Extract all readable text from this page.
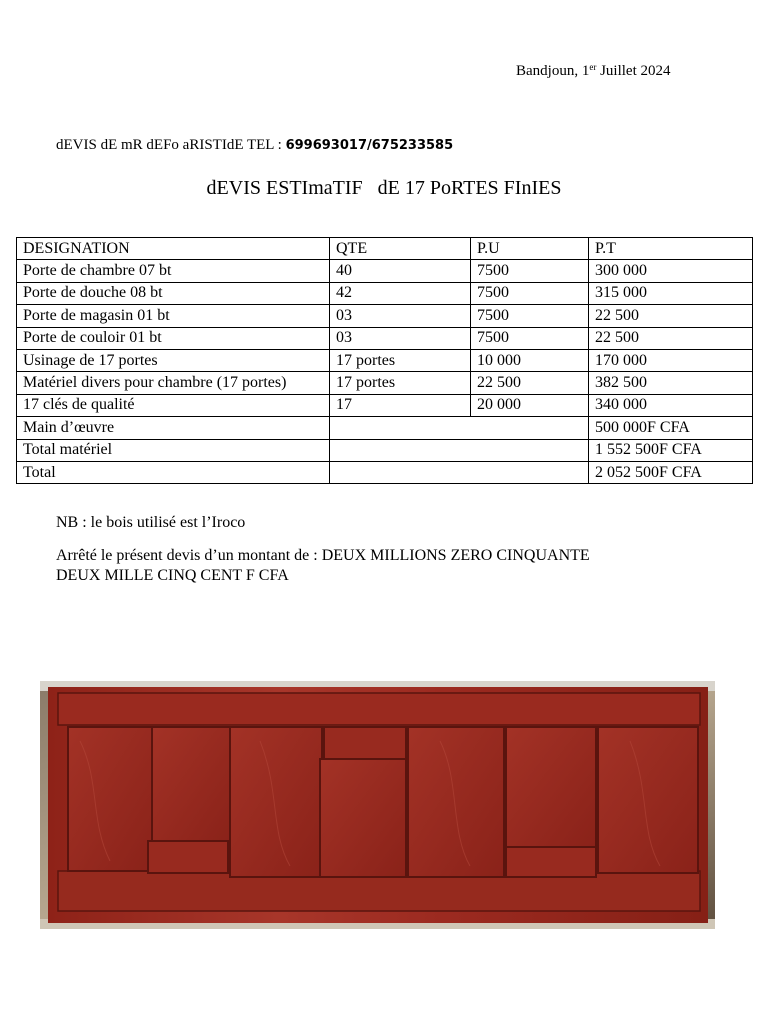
Bandjoun, 1er Juillet 2024
dEVIS dE mR dEFo aRISTIdE TEL : 699693017/675233585
dEVIS ESTImaTIF   dE 17 PoRTES FInIES
DESIGNATION	QTE	P.U	P.T
Porte de chambre 07 bt	40	7500	300 000
Porte de douche 08 bt	42	7500	315 000
Porte de magasin 01 bt	03	7500	22 500
Porte de couloir 01 bt	03	7500	22 500
Usinage de 17 portes	17 portes	10 000	170 000
Matériel divers pour chambre (17 portes)	17 portes	22 500	382 500
17 clés de qualité	17	20 000	340 000
Main d’œuvre			500 000F CFA
Total matériel			1 552 500F CFA
Total			2 052 500F CFA
NB : le bois utilisé est l’Iroco
Arrêté le présent devis d’un montant de : DEUX MILLIONS ZERO CINQUANTE
DEUX MILLE CINQ CENT F CFA
